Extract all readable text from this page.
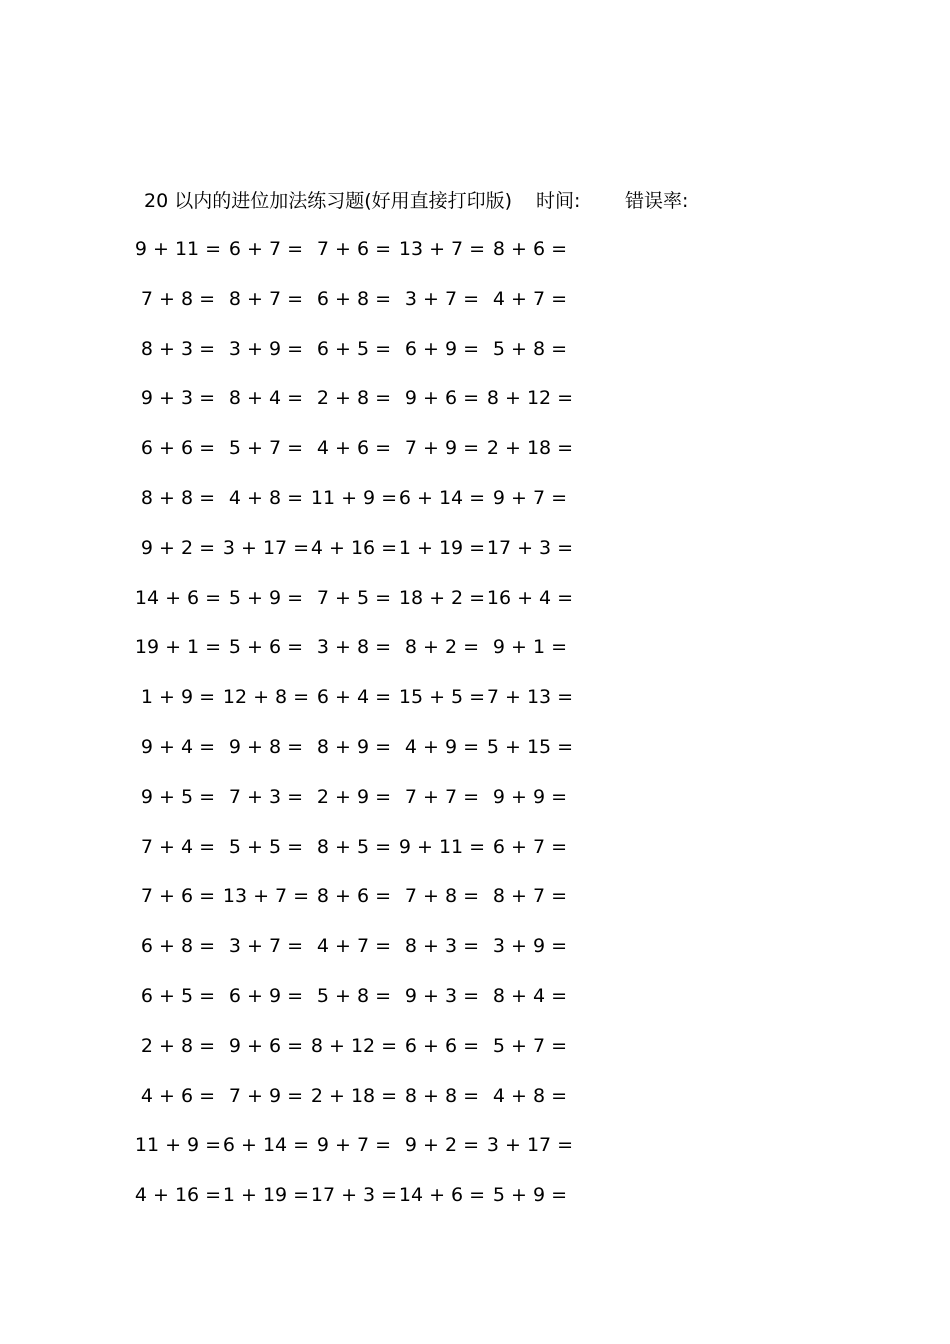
20 以内的进位加法练习题(好用直接打印版) 时间: 错误率:
9 + 11 = 6 + 7 = 7 + 6 = 13 + 7 = 8 + 6 =
7 + 8 = 8 + 7 = 6 + 8 = 3 + 7 = 4 + 7 =
8 + 3 = 3 + 9 = 6 + 5 = 6 + 9 = 5 + 8 =
9 + 3 = 8 + 4 = 2 + 8 = 9 + 6 = 8 + 12 =
6 + 6 = 5 + 7 = 4 + 6 = 7 + 9 = 2 + 18 =
8 + 8 = 4 + 8 = 11 + 9 = 6 + 14 = 9 + 7 =
9 + 2 = 3 + 17 = 4 + 16 = 1 + 19 = 17 + 3 =
14 + 6 = 5 + 9 = 7 + 5 = 18 + 2 = 16 + 4 =
19 + 1 = 5 + 6 = 3 + 8 = 8 + 2 = 9 + 1 =
1 + 9 = 12 + 8 = 6 + 4 = 15 + 5 = 7 + 13 =
9 + 4 = 9 + 8 = 8 + 9 = 4 + 9 = 5 + 15 =
9 + 5 = 7 + 3 = 2 + 9 = 7 + 7 = 9 + 9 =
7 + 4 = 5 + 5 = 8 + 5 = 9 + 11 = 6 + 7 =
7 + 6 = 13 + 7 = 8 + 6 = 7 + 8 = 8 + 7 =
6 + 8 = 3 + 7 = 4 + 7 = 8 + 3 = 3 + 9 =
6 + 5 = 6 + 9 = 5 + 8 = 9 + 3 = 8 + 4 =
2 + 8 = 9 + 6 = 8 + 12 = 6 + 6 = 5 + 7 =
4 + 6 = 7 + 9 = 2 + 18 = 8 + 8 = 4 + 8 =
11 + 9 = 6 + 14 = 9 + 7 = 9 + 2 = 3 + 17 =
4 + 16 = 1 + 19 = 17 + 3 = 14 + 6 = 5 + 9 =
